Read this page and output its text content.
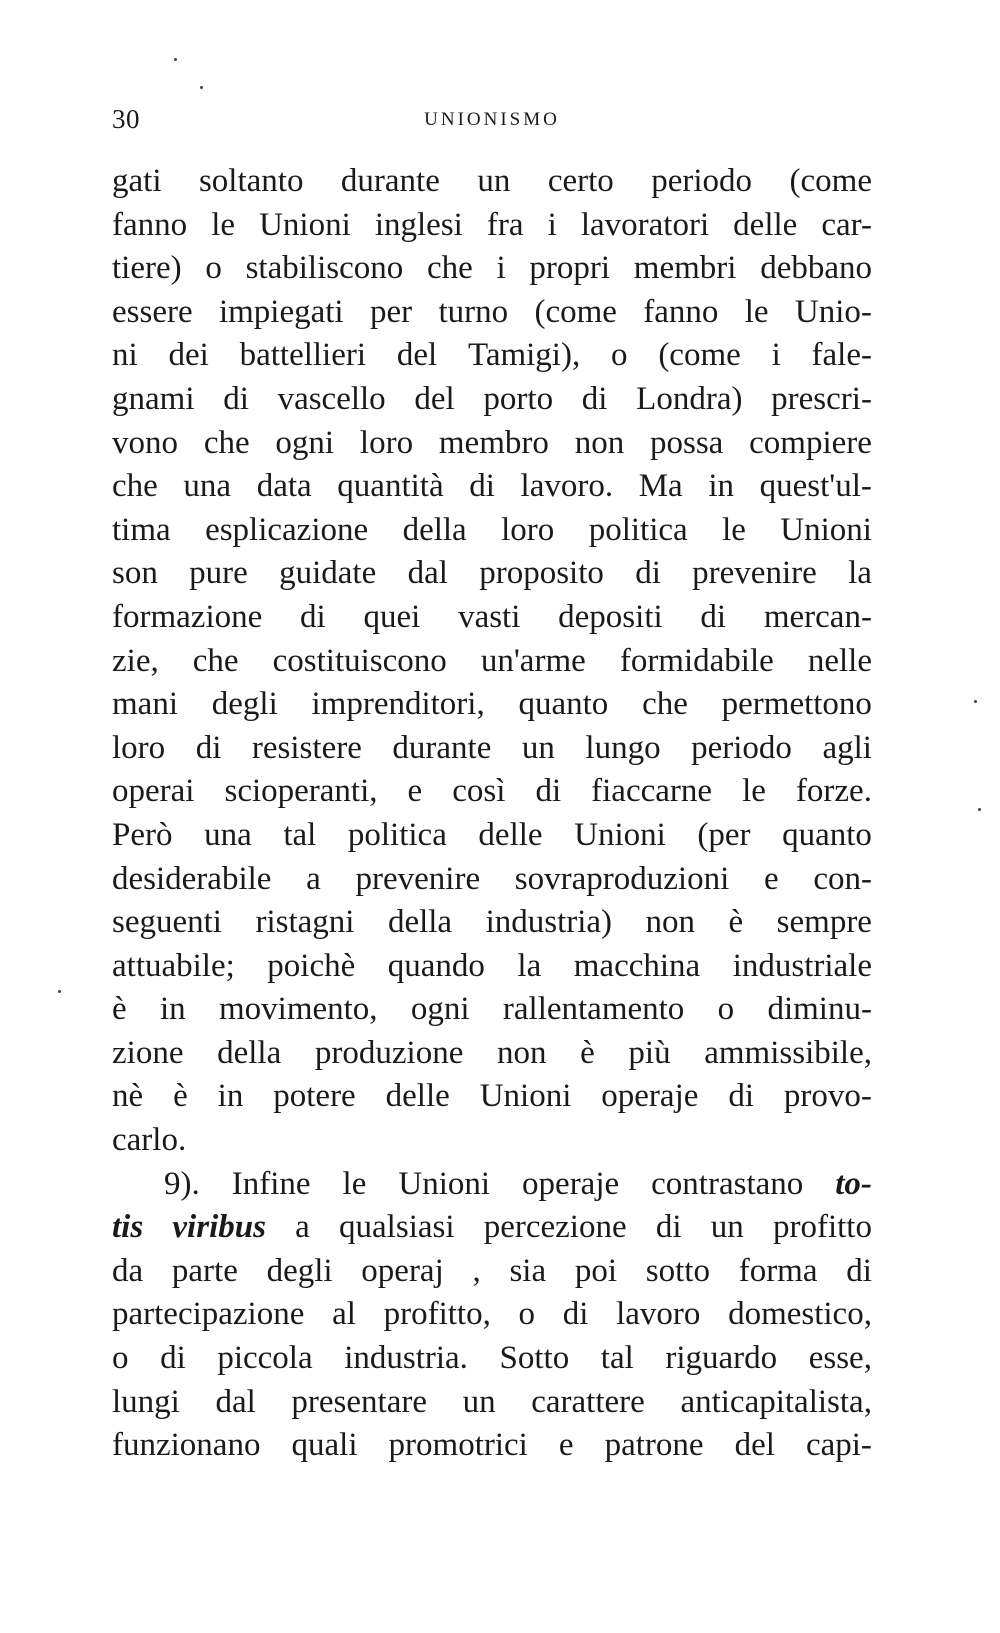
30	UNIONISMO
gati soltanto durante un certo periodo (come
fanno le Unioni inglesi fra i lavoratori delle car-
tiere) o stabiliscono che i propri membri debbano
essere impiegati per turno (come fanno le Unio-
ni dei battellieri del Tamigi), o (come i fale-
gnami di vascello del porto di Londra) prescri-
vono che ogni loro membro non possa compiere
che una data quantità di lavoro. Ma in quest'ul-
tima esplicazione della loro politica le Unioni
son pure guidate dal proposito di prevenire la
formazione di quei vasti depositi di mercan-
zie, che costituiscono un'arme formidabile nelle
mani degli imprenditori, quanto che permettono
loro di resistere durante un lungo periodo agli
operai scioperanti, e così di fiaccarne le forze.
Però una tal politica delle Unioni (per quanto
desiderabile a prevenire sovraproduzioni e con-
seguenti ristagni della industria) non è sempre
attuabile; poichè quando la macchina industriale
è in movimento, ogni rallentamento o diminu-
zione della produzione non è più ammissibile,
nè è in potere delle Unioni operaje di provo-
carlo.
9). Infine le Unioni operaje contrastano to-
tis viribus a qualsiasi percezione di un profitto
da parte degli operaj , sia poi sotto forma di
partecipazione al profitto, o di lavoro domestico,
o di piccola industria. Sotto tal riguardo esse,
lungi dal presentare un carattere anticapitalista,
funzionano quali promotrici e patrone del capi-
